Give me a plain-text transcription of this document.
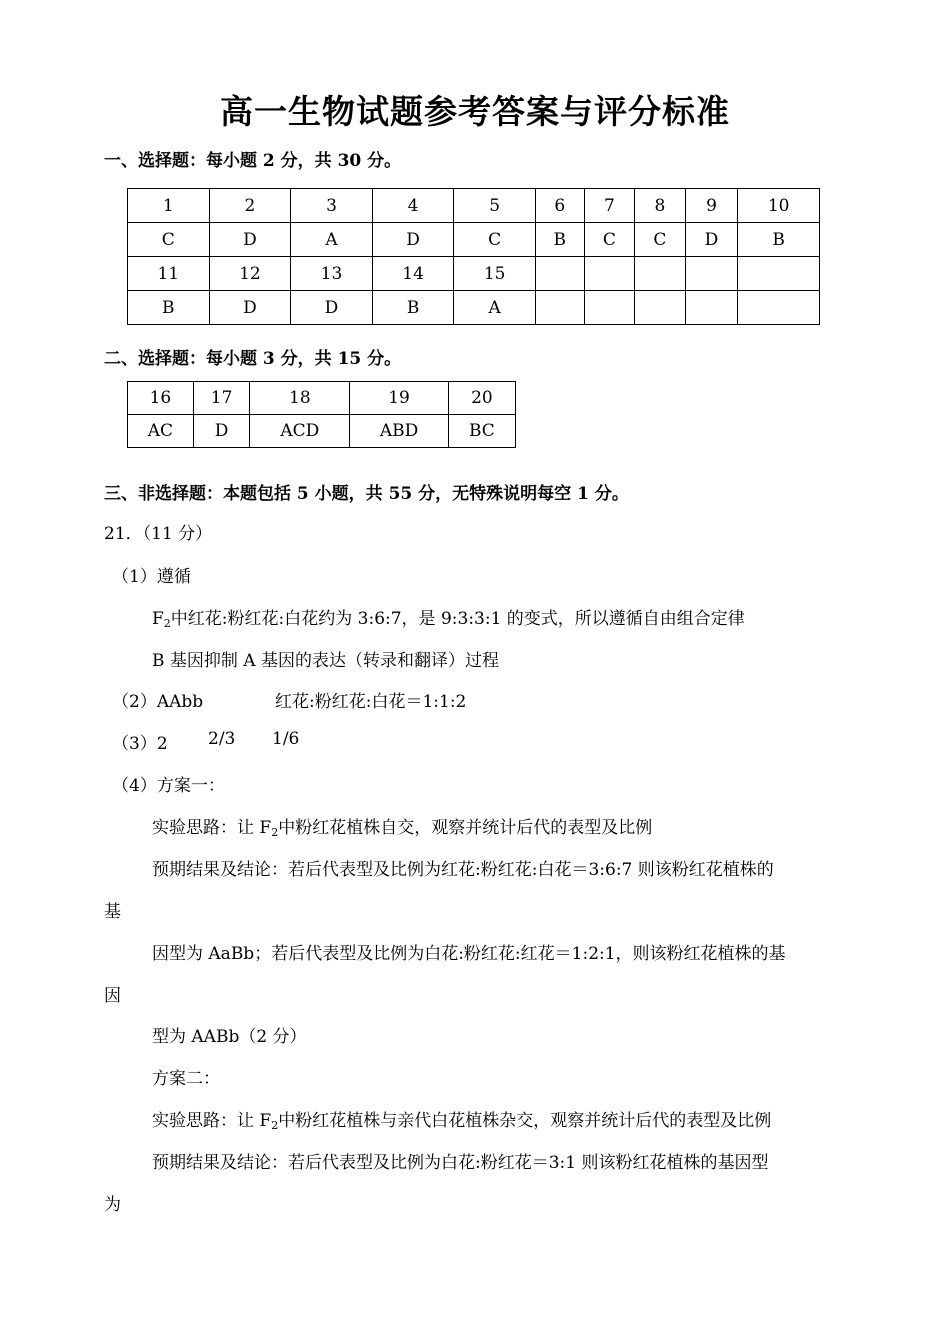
高一生物试题参考答案与评分标准
一、选择题：每小题 2 分，共 30 分。
1	2	3	4	5	6	7	8	9	10
C	D	A	D	C	B	C	C	D	B
11	12	13	14	15					
B	D	D	B	A					
二、选择题：每小题 3 分，共 15 分。
16	17	18	19	20
AC	D	ACD	ABD	BC
三、非选择题：本题包括 5 小题，共 55 分，无特殊说明每空 1 分。
21．（11 分）
（1）遵循
$F_2$中红花:粉红花:白花约为 3:6:7，是 9:3:3:1 的变式，所以遵循自由组合定律
B 基因抑制 A 基因的表达（转录和翻译）过程
（2）AAbb	红花:粉红花:白花＝1:1:2
（3）2 2/3 1/6
（4）方案一：
实验思路：让 $F_2$中粉红花植株自交，观察并统计后代的表型及比例
预期结果及结论：若后代表型及比例为红花:粉红花:白花＝3:6:7 则该粉红花植株的
基
因型为 AaBb；若后代表型及比例为白花:粉红花:红花＝1:2:1，则该粉红花植株的基
因
型为 AABb（2 分）
方案二：
实验思路：让 $F_2$中粉红花植株与亲代白花植株杂交，观察并统计后代的表型及比例
预期结果及结论：若后代表型及比例为白花:粉红花＝3:1 则该粉红花植株的基因型
为
